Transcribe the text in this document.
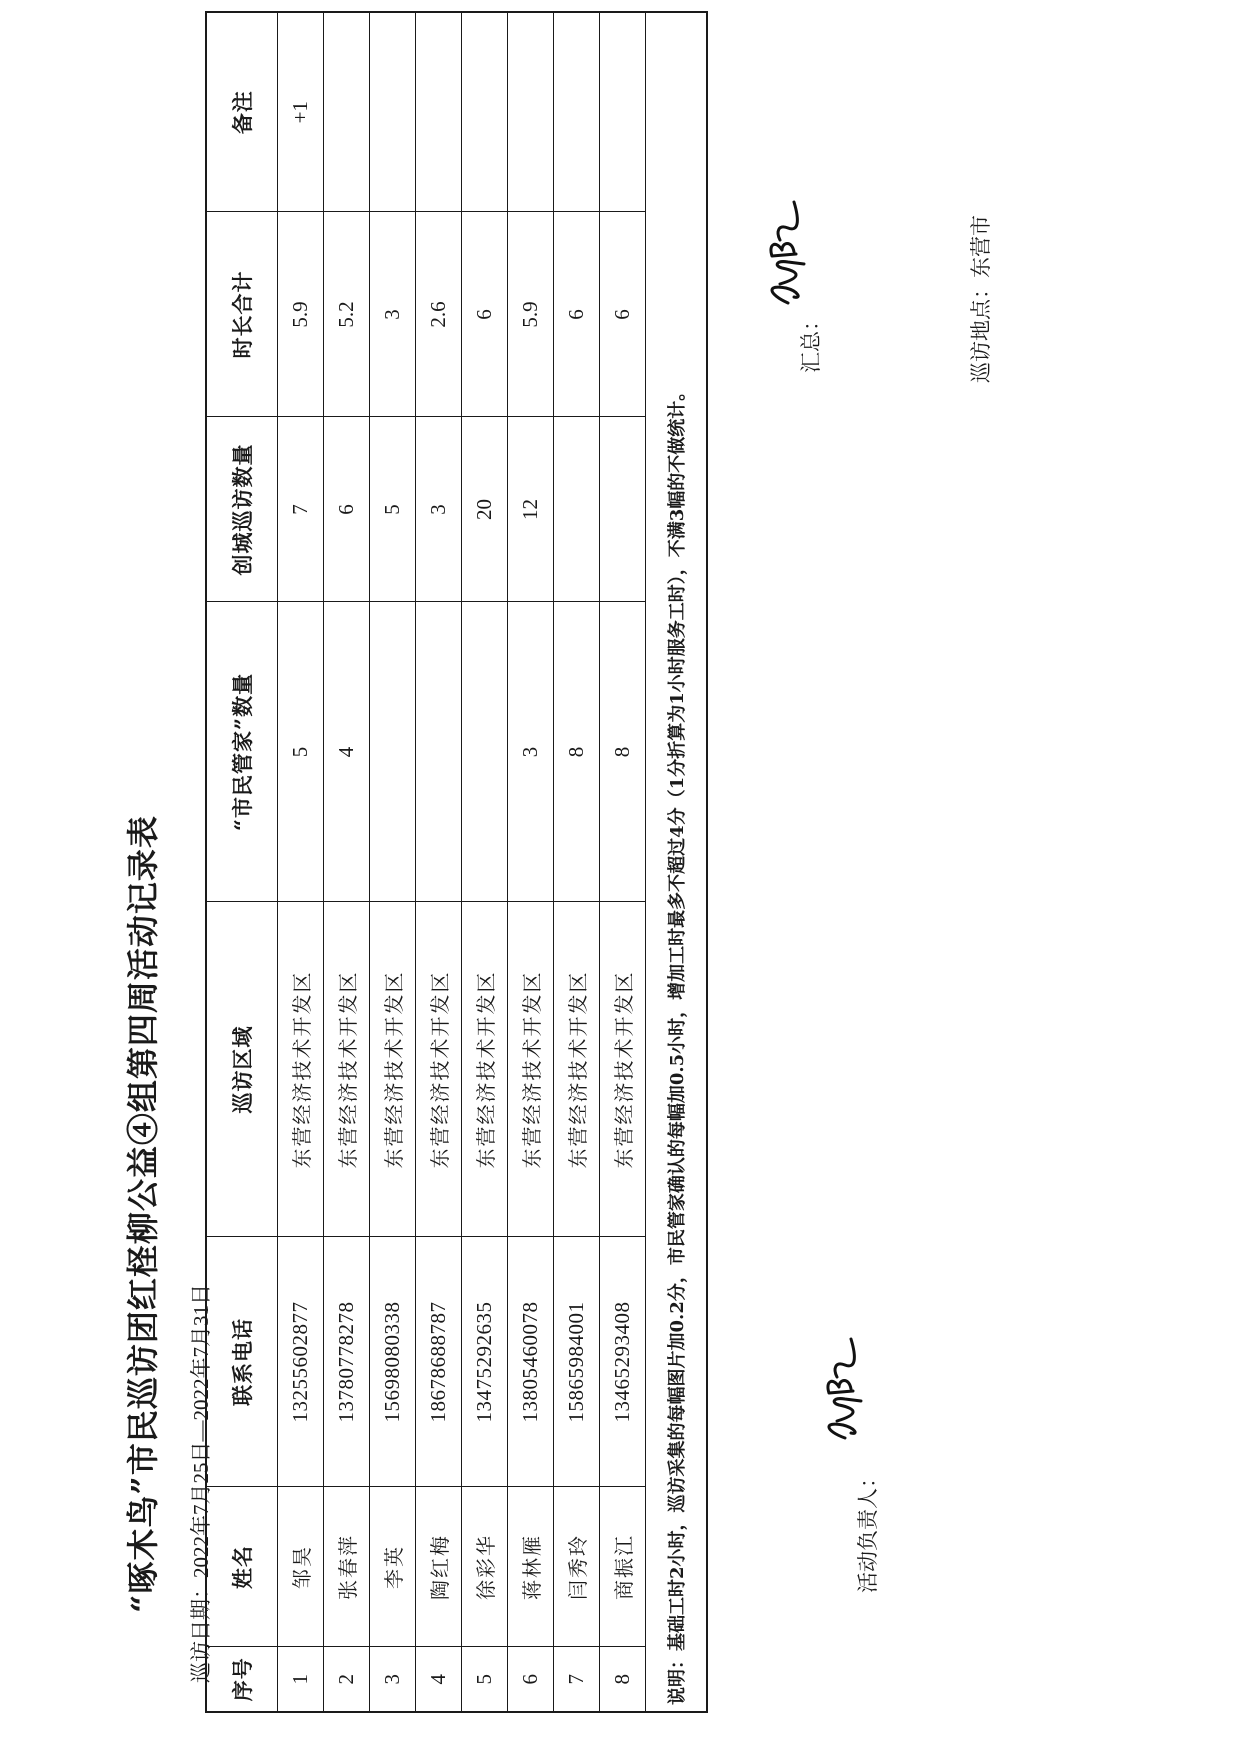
“啄木鸟”市民巡访团红柽柳公益④组第四周活动记录表 巡访日期：2022年7月25日—2022年7月31日
巡访地点：东营市
序号	姓名	联系电话	巡访区域	“市民管家”数量	创城巡访数量	时长合计	备注
1	邹昊	13255602877	东营经济技术开发区	5	7	5.9	+1
2	张春萍	13780778278	东营经济技术开发区	4	6	5.2	
3	李英	15698080338	东营经济技术开发区		5	3	
4	陶红梅	18678688787	东营经济技术开发区		3	2.6	
5	徐彩华	13475292635	东营经济技术开发区		20	6	
6	蒋林雁	13805460078	东营经济技术开发区	3	12	5.9	
7	闫秀玲	15865984001	东营经济技术开发区	8		6	
8	商振江	13465293408	东营经济技术开发区	8		6	
说明：基础工时2小时，巡访采集的每幅图片加0.2分，市民管家确认的每幅加0.5小时，增加工时最多不超过4分（1分折算为1小时服务工时），不满3幅的不做统计。								活动负责人：
汇总：
